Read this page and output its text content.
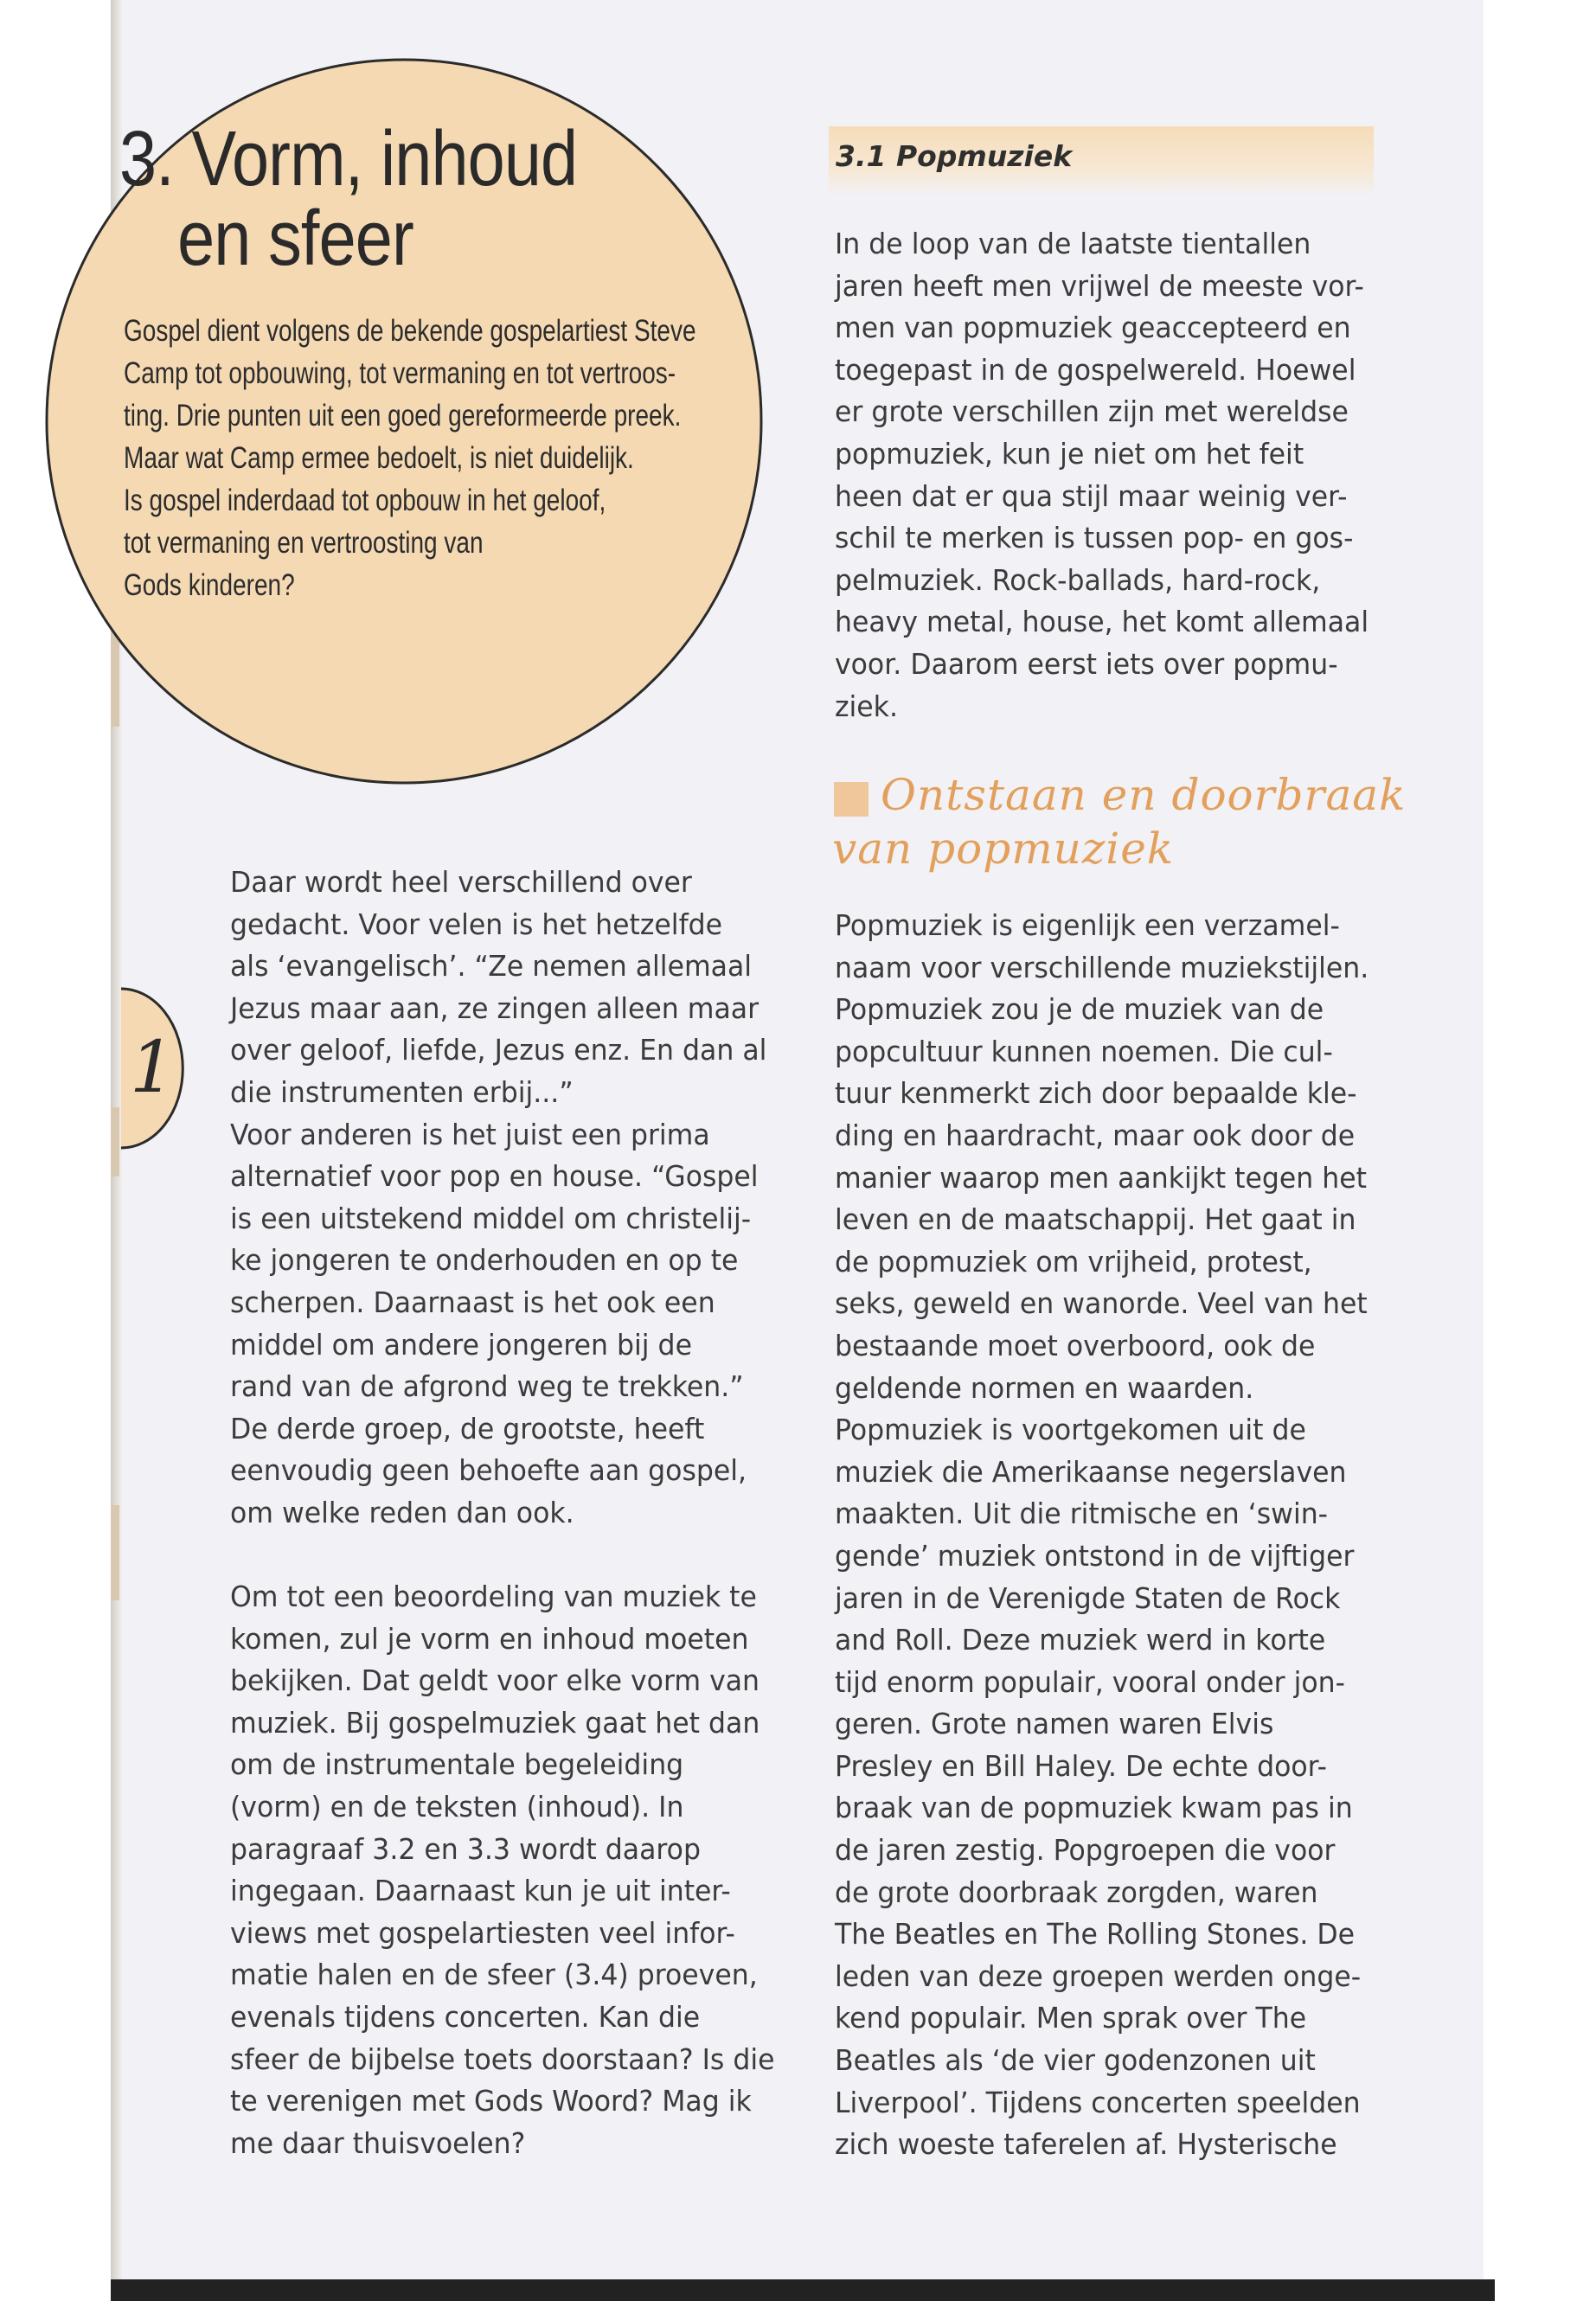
1
3. Vorm, inhoud
en sfeer
Gospel dient volgens de bekende gospelartiest Steve
Camp tot opbouwing, tot vermaning en tot vertroos-
ting. Drie punten uit een goed gereformeerde preek.
Maar wat Camp ermee bedoelt, is niet duidelijk.
Is gospel inderdaad tot opbouw in het geloof,
tot vermaning en vertroosting van
Gods kinderen?
3.1 Popmuziek
Daar wordt heel verschillend over
gedacht. Voor velen is het hetzelfde
als ‘evangelisch’. “Ze nemen allemaal
Jezus maar aan, ze zingen alleen maar
over geloof, liefde, Jezus enz. En dan al
die instrumenten erbij...”
Voor anderen is het juist een prima
alternatief voor pop en house. “Gospel
is een uitstekend middel om christelij-
ke jongeren te onderhouden en op te
scherpen. Daarnaast is het ook een
middel om andere jongeren bij de
rand van de afgrond weg te trekken.”
De derde groep, de grootste, heeft
eenvoudig geen behoefte aan gospel,
om welke reden dan ook.
Om tot een beoordeling van muziek te
komen, zul je vorm en inhoud moeten
bekijken. Dat geldt voor elke vorm van
muziek. Bij gospelmuziek gaat het dan
om de instrumentale begeleiding
(vorm) en de teksten (inhoud). In
paragraaf 3.2 en 3.3 wordt daarop
ingegaan. Daarnaast kun je uit inter-
views met gospelartiesten veel infor-
matie halen en de sfeer (3.4) proeven,
evenals tijdens concerten. Kan die
sfeer de bijbelse toets doorstaan? Is die
te verenigen met Gods Woord? Mag ik
me daar thuisvoelen?
In de loop van de laatste tientallen
jaren heeft men vrijwel de meeste vor-
men van popmuziek geaccepteerd en
toegepast in de gospelwereld. Hoewel
er grote verschillen zijn met wereldse
popmuziek, kun je niet om het feit
heen dat er qua stijl maar weinig ver-
schil te merken is tussen pop- en gos-
pelmuziek. Rock-ballads, hard-rock,
heavy metal, house, het komt allemaal
voor. Daarom eerst iets over popmu-
ziek.
Ontstaan en doorbraak
van popmuziek
Popmuziek is eigenlijk een verzamel-
naam voor verschillende muziekstijlen.
Popmuziek zou je de muziek van de
popcultuur kunnen noemen. Die cul-
tuur kenmerkt zich door bepaalde kle-
ding en haardracht, maar ook door de
manier waarop men aankijkt tegen het
leven en de maatschappij. Het gaat in
de popmuziek om vrijheid, protest,
seks, geweld en wanorde. Veel van het
bestaande moet overboord, ook de
geldende normen en waarden.
Popmuziek is voortgekomen uit de
muziek die Amerikaanse negerslaven
maakten. Uit die ritmische en ‘swin-
gende’ muziek ontstond in de vijftiger
jaren in de Verenigde Staten de Rock
and Roll. Deze muziek werd in korte
tijd enorm populair, vooral onder jon-
geren. Grote namen waren Elvis
Presley en Bill Haley. De echte door-
braak van de popmuziek kwam pas in
de jaren zestig. Popgroepen die voor
de grote doorbraak zorgden, waren
The Beatles en The Rolling Stones. De
leden van deze groepen werden onge-
kend populair. Men sprak over The
Beatles als ‘de vier godenzonen uit
Liverpool’. Tijdens concerten speelden
zich woeste taferelen af. Hysterische
